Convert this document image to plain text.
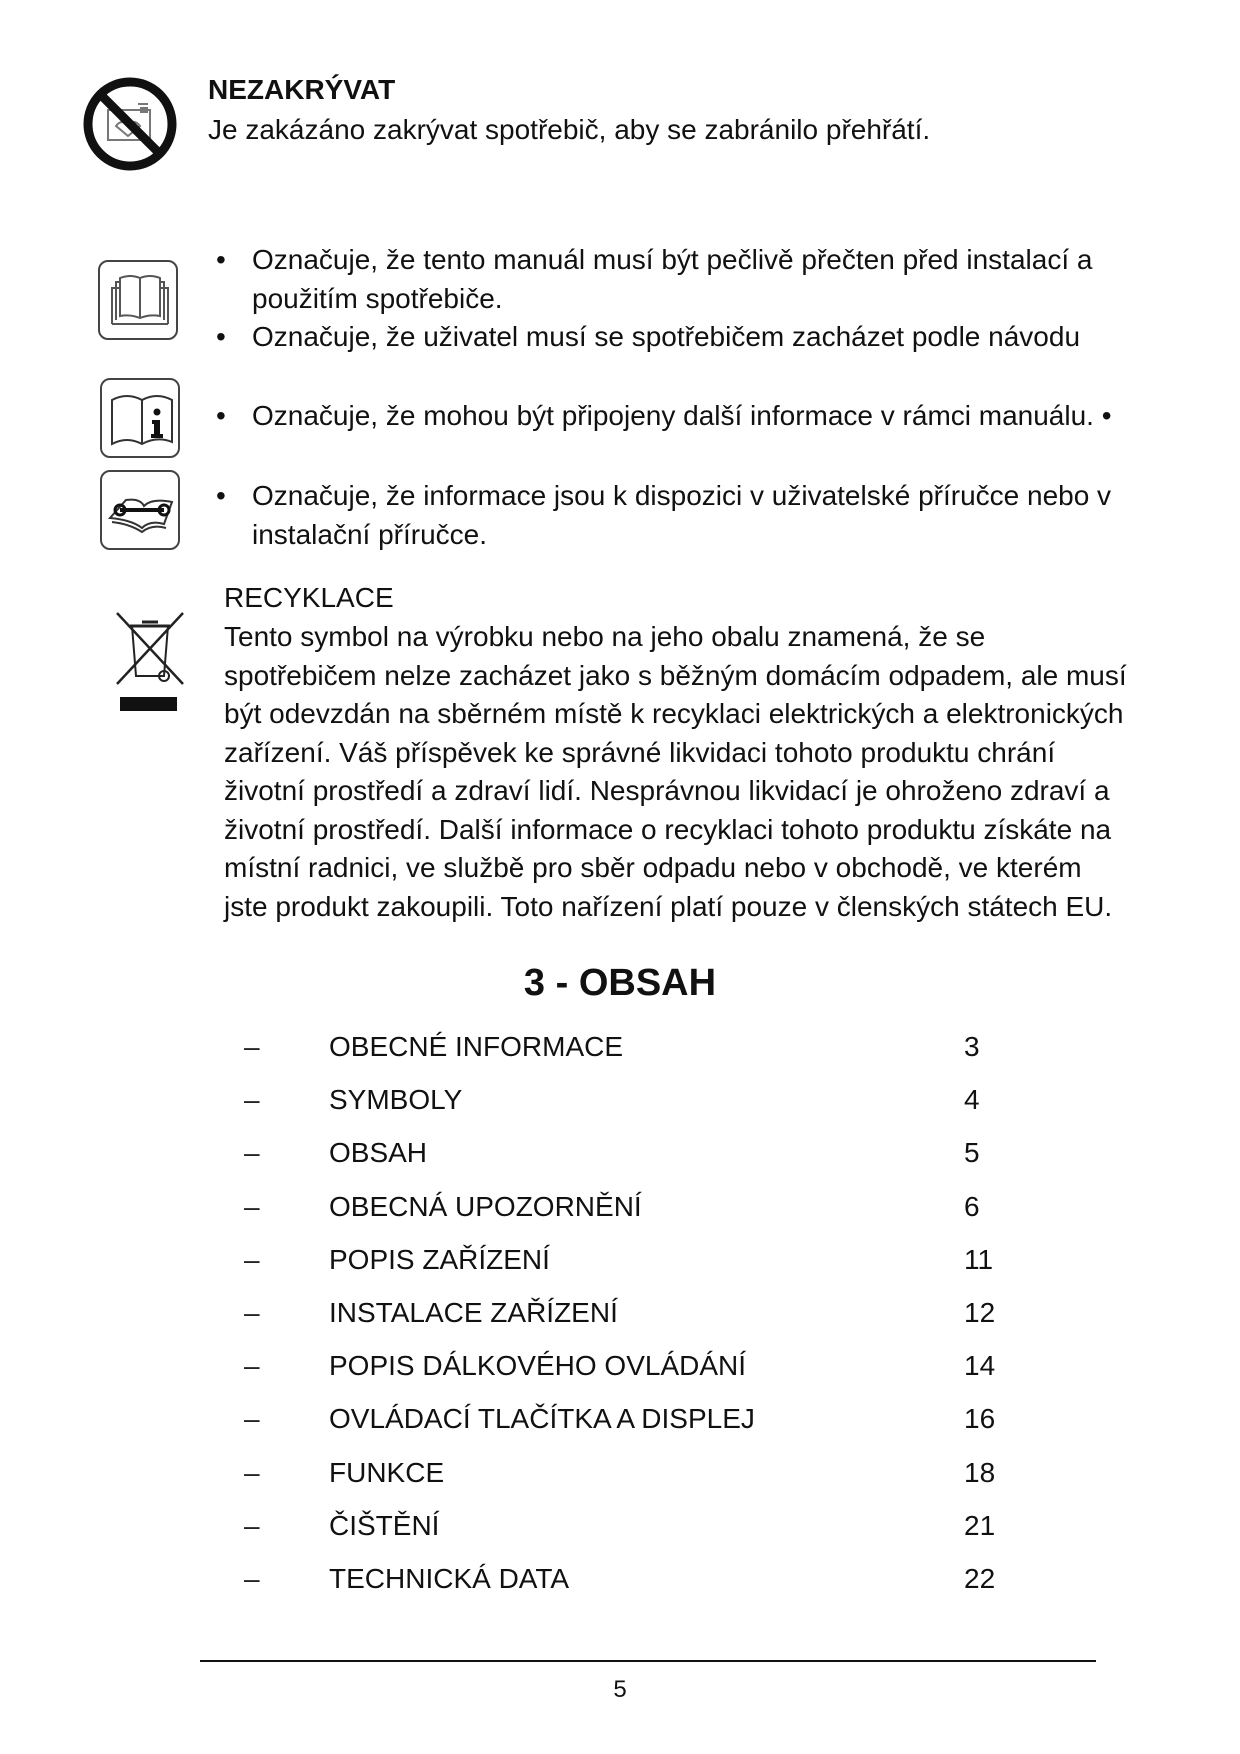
NEZAKRÝVAT
Je zakázáno zakrývat spotřebič, aby se zabránilo přehřátí.
• Označuje, že tento manuál musí být pečlivě přečten před instalací a
použitím spotřebiče.
• Označuje, že uživatel musí se spotřebičem zacházet podle návodu
• Označuje, že mohou být připojeny další informace v rámci manuálu. •
• Označuje, že informace jsou k dispozici v uživatelské příručce nebo v
instalační příručce.
RECYKLACE
Tento symbol na výrobku nebo na jeho obalu znamená, že se
spotřebičem nelze zacházet jako s běžným domácím odpadem, ale musí
být odevzdán na sběrném místě k recyklaci elektrických a elektronických
zařízení. Váš příspěvek ke správné likvidaci tohoto produktu chrání
životní prostředí a zdraví lidí. Nesprávnou likvidací je ohroženo zdraví a
životní prostředí. Další informace o recyklaci tohoto produktu získáte na
místní radnici, ve službě pro sběr odpadu nebo v obchodě, ve kterém
jste produkt zakoupili. Toto nařízení platí pouze v členských státech EU.
3 - OBSAH
– OBECNÉ INFORMACE	3
– SYMBOLY	4
– OBSAH	5
– OBECNÁ UPOZORNĚNÍ	6
– POPIS ZAŘÍZENÍ	11
– INSTALACE ZAŘÍZENÍ	12
– POPIS DÁLKOVÉHO OVLÁDÁNÍ	14
– OVLÁDACÍ TLAČÍTKA A DISPLEJ	16
– FUNKCE	18
– ČIŠTĚNÍ	21
– TECHNICKÁ DATA	22
5
